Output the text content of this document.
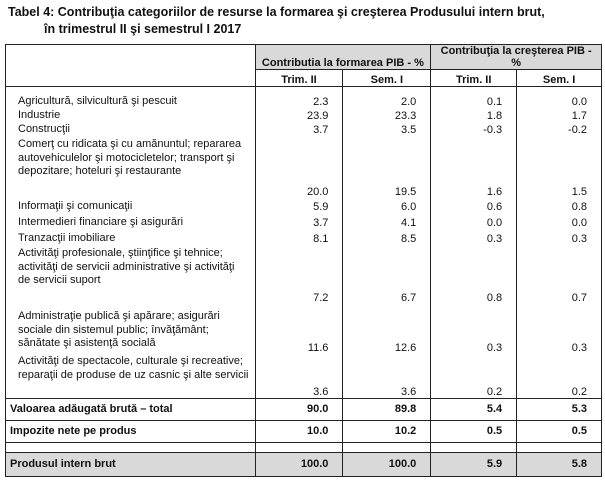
Tabel 4: Contribuţia categoriilor de resurse la formarea şi creşterea Produsului intern brut,
în trimestrul II şi semestrul I 2017
	Contributia la formarea PIB - %		Contribuţia la creşterea PIB - %	
	Trim. II	Sem. I	Trim. II	Sem. I

Agricultură, silvicultură şi pescuit	2.3	2.0	0.1	0.0
Industrie	23.9	23.3	1.8	1.7
Construcţii	3.7	3.5	-0.3	-0.2
Comerţ cu ridicata şi cu amănuntul; repararea autovehiculelor şi motocicletelor; transport şi depozitare; hoteluri şi restaurante	20.0	19.5	1.6	1.5
Informaţii şi comunicaţii	5.9	6.0	0.6	0.8
Intermedieri financiare şi asigurări	3.7	4.1	0.0	0.0
Tranzacţii imobiliare	8.1	8.5	0.3	0.3
Activităţi profesionale, ştiinţifice şi tehnice; activităţi de servicii administrative şi activităţi de servicii suport	7.2	6.7	0.8	0.7
Administraţie publică şi apărare; asigurări sociale din sistemul public; învăţământ; sănătate şi asistenţă socială	11.6	12.6	0.3	0.3
Activităţi de spectacole, culturale şi recreative; reparaţii de produse de uz casnic şi alte servicii	3.6	3.6	0.2	0.2
Valoarea adăugată brută – total	90.0	89.8	5.4	5.3
Impozite nete pe produs	10.0	10.2	0.5	0.5

Produsul intern brut	100.0	100.0	5.9	5.8
